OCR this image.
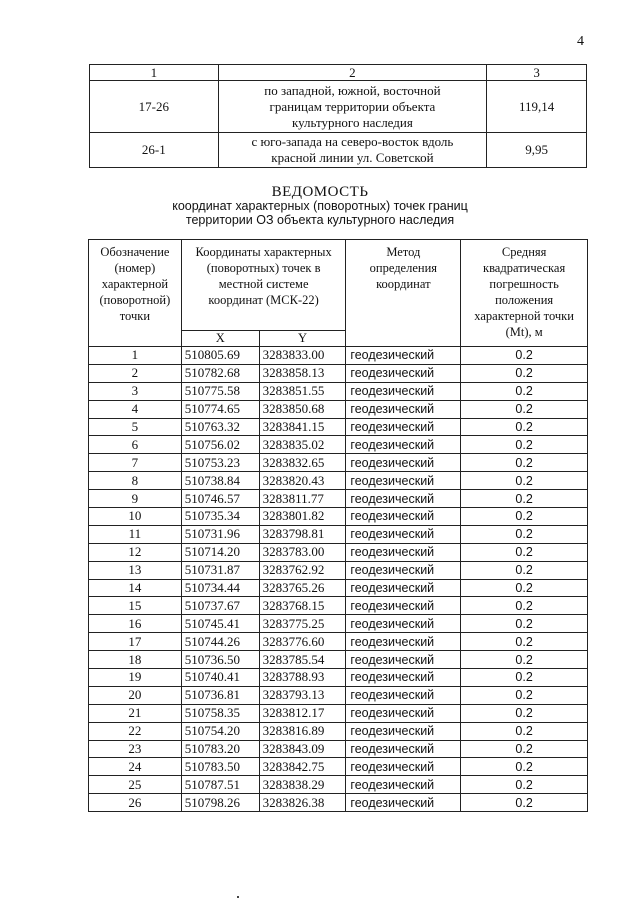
4
1	2	3
17-26	по западной, южной, восточной границам территории объекта культурного наследия	119,14
26-1	с юго-запада на северо-восток вдоль красной линии ул. Советской	9,95
ВЕДОМОСТЬ
координат характерных (поворотных) точек границ
территории ОЗ объекта культурного наследия
Обозначение (номер) характерной (поворотной) точки	Координаты характерных (поворотных) точек в местной системе координат (МСК-22)		Метод определения координат	Средняя квадратическая погрешность положения характерной точки (Mt), м
	X	Y		
1	510805.69	3283833.00	геодезический	0.2
2	510782.68	3283858.13	геодезический	0.2
3	510775.58	3283851.55	геодезический	0.2
4	510774.65	3283850.68	геодезический	0.2
5	510763.32	3283841.15	геодезический	0.2
6	510756.02	3283835.02	геодезический	0.2
7	510753.23	3283832.65	геодезический	0.2
8	510738.84	3283820.43	геодезический	0.2
9	510746.57	3283811.77	геодезический	0.2
10	510735.34	3283801.82	геодезический	0.2
11	510731.96	3283798.81	геодезический	0.2
12	510714.20	3283783.00	геодезический	0.2
13	510731.87	3283762.92	геодезический	0.2
14	510734.44	3283765.26	геодезический	0.2
15	510737.67	3283768.15	геодезический	0.2
16	510745.41	3283775.25	геодезический	0.2
17	510744.26	3283776.60	геодезический	0.2
18	510736.50	3283785.54	геодезический	0.2
19	510740.41	3283788.93	геодезический	0.2
20	510736.81	3283793.13	геодезический	0.2
21	510758.35	3283812.17	геодезический	0.2
22	510754.20	3283816.89	геодезический	0.2
23	510783.20	3283843.09	геодезический	0.2
24	510783.50	3283842.75	геодезический	0.2
25	510787.51	3283838.29	геодезический	0.2
26	510798.26	3283826.38	геодезический	0.2
